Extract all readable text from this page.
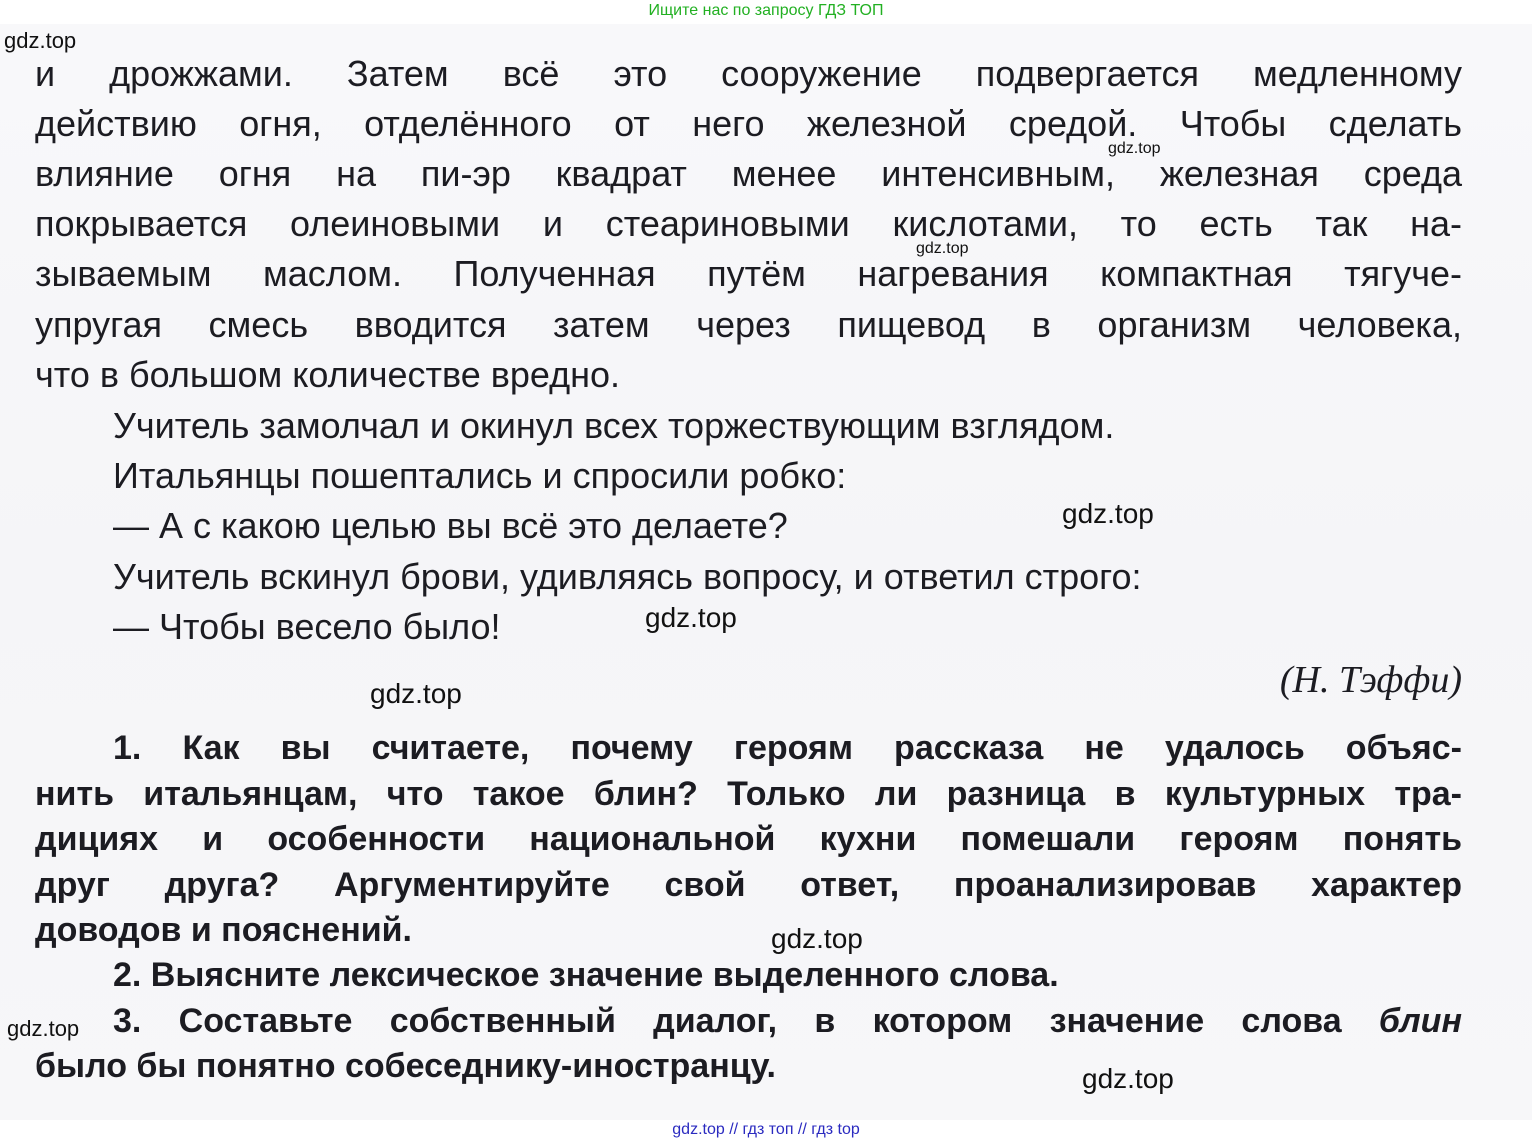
Ищите нас по запросу ГДЗ ТОП
и дрожжами. Затем всё это сооружение подвергается медленному
действию огня, отделённого от него железной средой. Чтобы сделать
влияние огня на пи-эр квадрат менее интенсивным, железная среда
покрывается олеиновыми и стеариновыми кислотами, то есть так на-
зываемым маслом. Полученная путём нагревания компактная тягуче-
упругая смесь вводится затем через пищевод в организм человека,
что в большом количестве вредно.
Учитель замолчал и окинул всех торжествующим взглядом.
Итальянцы пошептались и спросили робко:
— А с какою целью вы всё это делаете?
Учитель вскинул брови, удивляясь вопросу, и ответил строго:
— Чтобы весело было!
(Н. Тэффи)
1. Как вы считаете, почему героям рассказа не удалось объяс-
нить итальянцам, что такое блин? Только ли разница в культурных тра-
дициях и особенности национальной кухни помешали героям понять
друг друга? Аргументируйте свой ответ, проанализировав характер
доводов и пояснений.
2. Выясните лексическое значение выделенного слова.
3. Составьте собственный диалог, в котором значение слова блин
было бы понятно собеседнику-иностранцу.
gdz.top
gdz.top
gdz.top
gdz.top
gdz.top
gdz.top
gdz.top
gdz.top
gdz.top
gdz.top // гдз топ // гдз top
